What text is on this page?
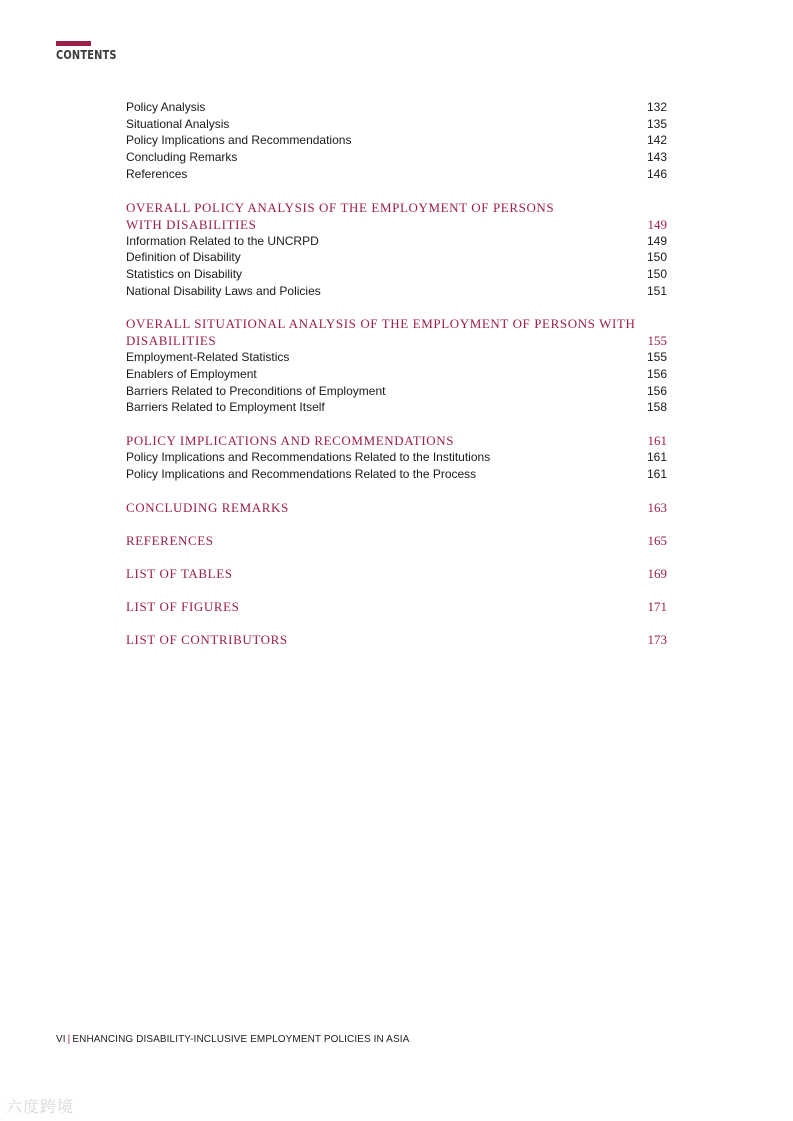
CONTENTS
Policy Analysis	132
Situational Analysis	135
Policy Implications and Recommendations	142
Concluding Remarks	143
References	146
OVERALL POLICY ANALYSIS OF THE EMPLOYMENT OF PERSONS
WITH DISABILITIES	149
Information Related to the UNCRPD	149
Definition of Disability	150
Statistics on Disability	150
National Disability Laws and Policies	151
OVERALL SITUATIONAL ANALYSIS OF THE EMPLOYMENT OF PERSONS WITH
DISABILITIES	155
Employment-Related Statistics	155
Enablers of Employment	156
Barriers Related to Preconditions of Employment	156
Barriers Related to Employment Itself	158
POLICY IMPLICATIONS AND RECOMMENDATIONS	161
Policy Implications and Recommendations Related to the Institutions	161
Policy Implications and Recommendations Related to the Process	161
CONCLUDING REMARKS	163
REFERENCES	165
LIST OF TABLES	169
LIST OF FIGURES	171
LIST OF CONTRIBUTORS	173
VI | ENHANCING DISABILITY-INCLUSIVE EMPLOYMENT POLICIES IN ASIA
六度跨境
